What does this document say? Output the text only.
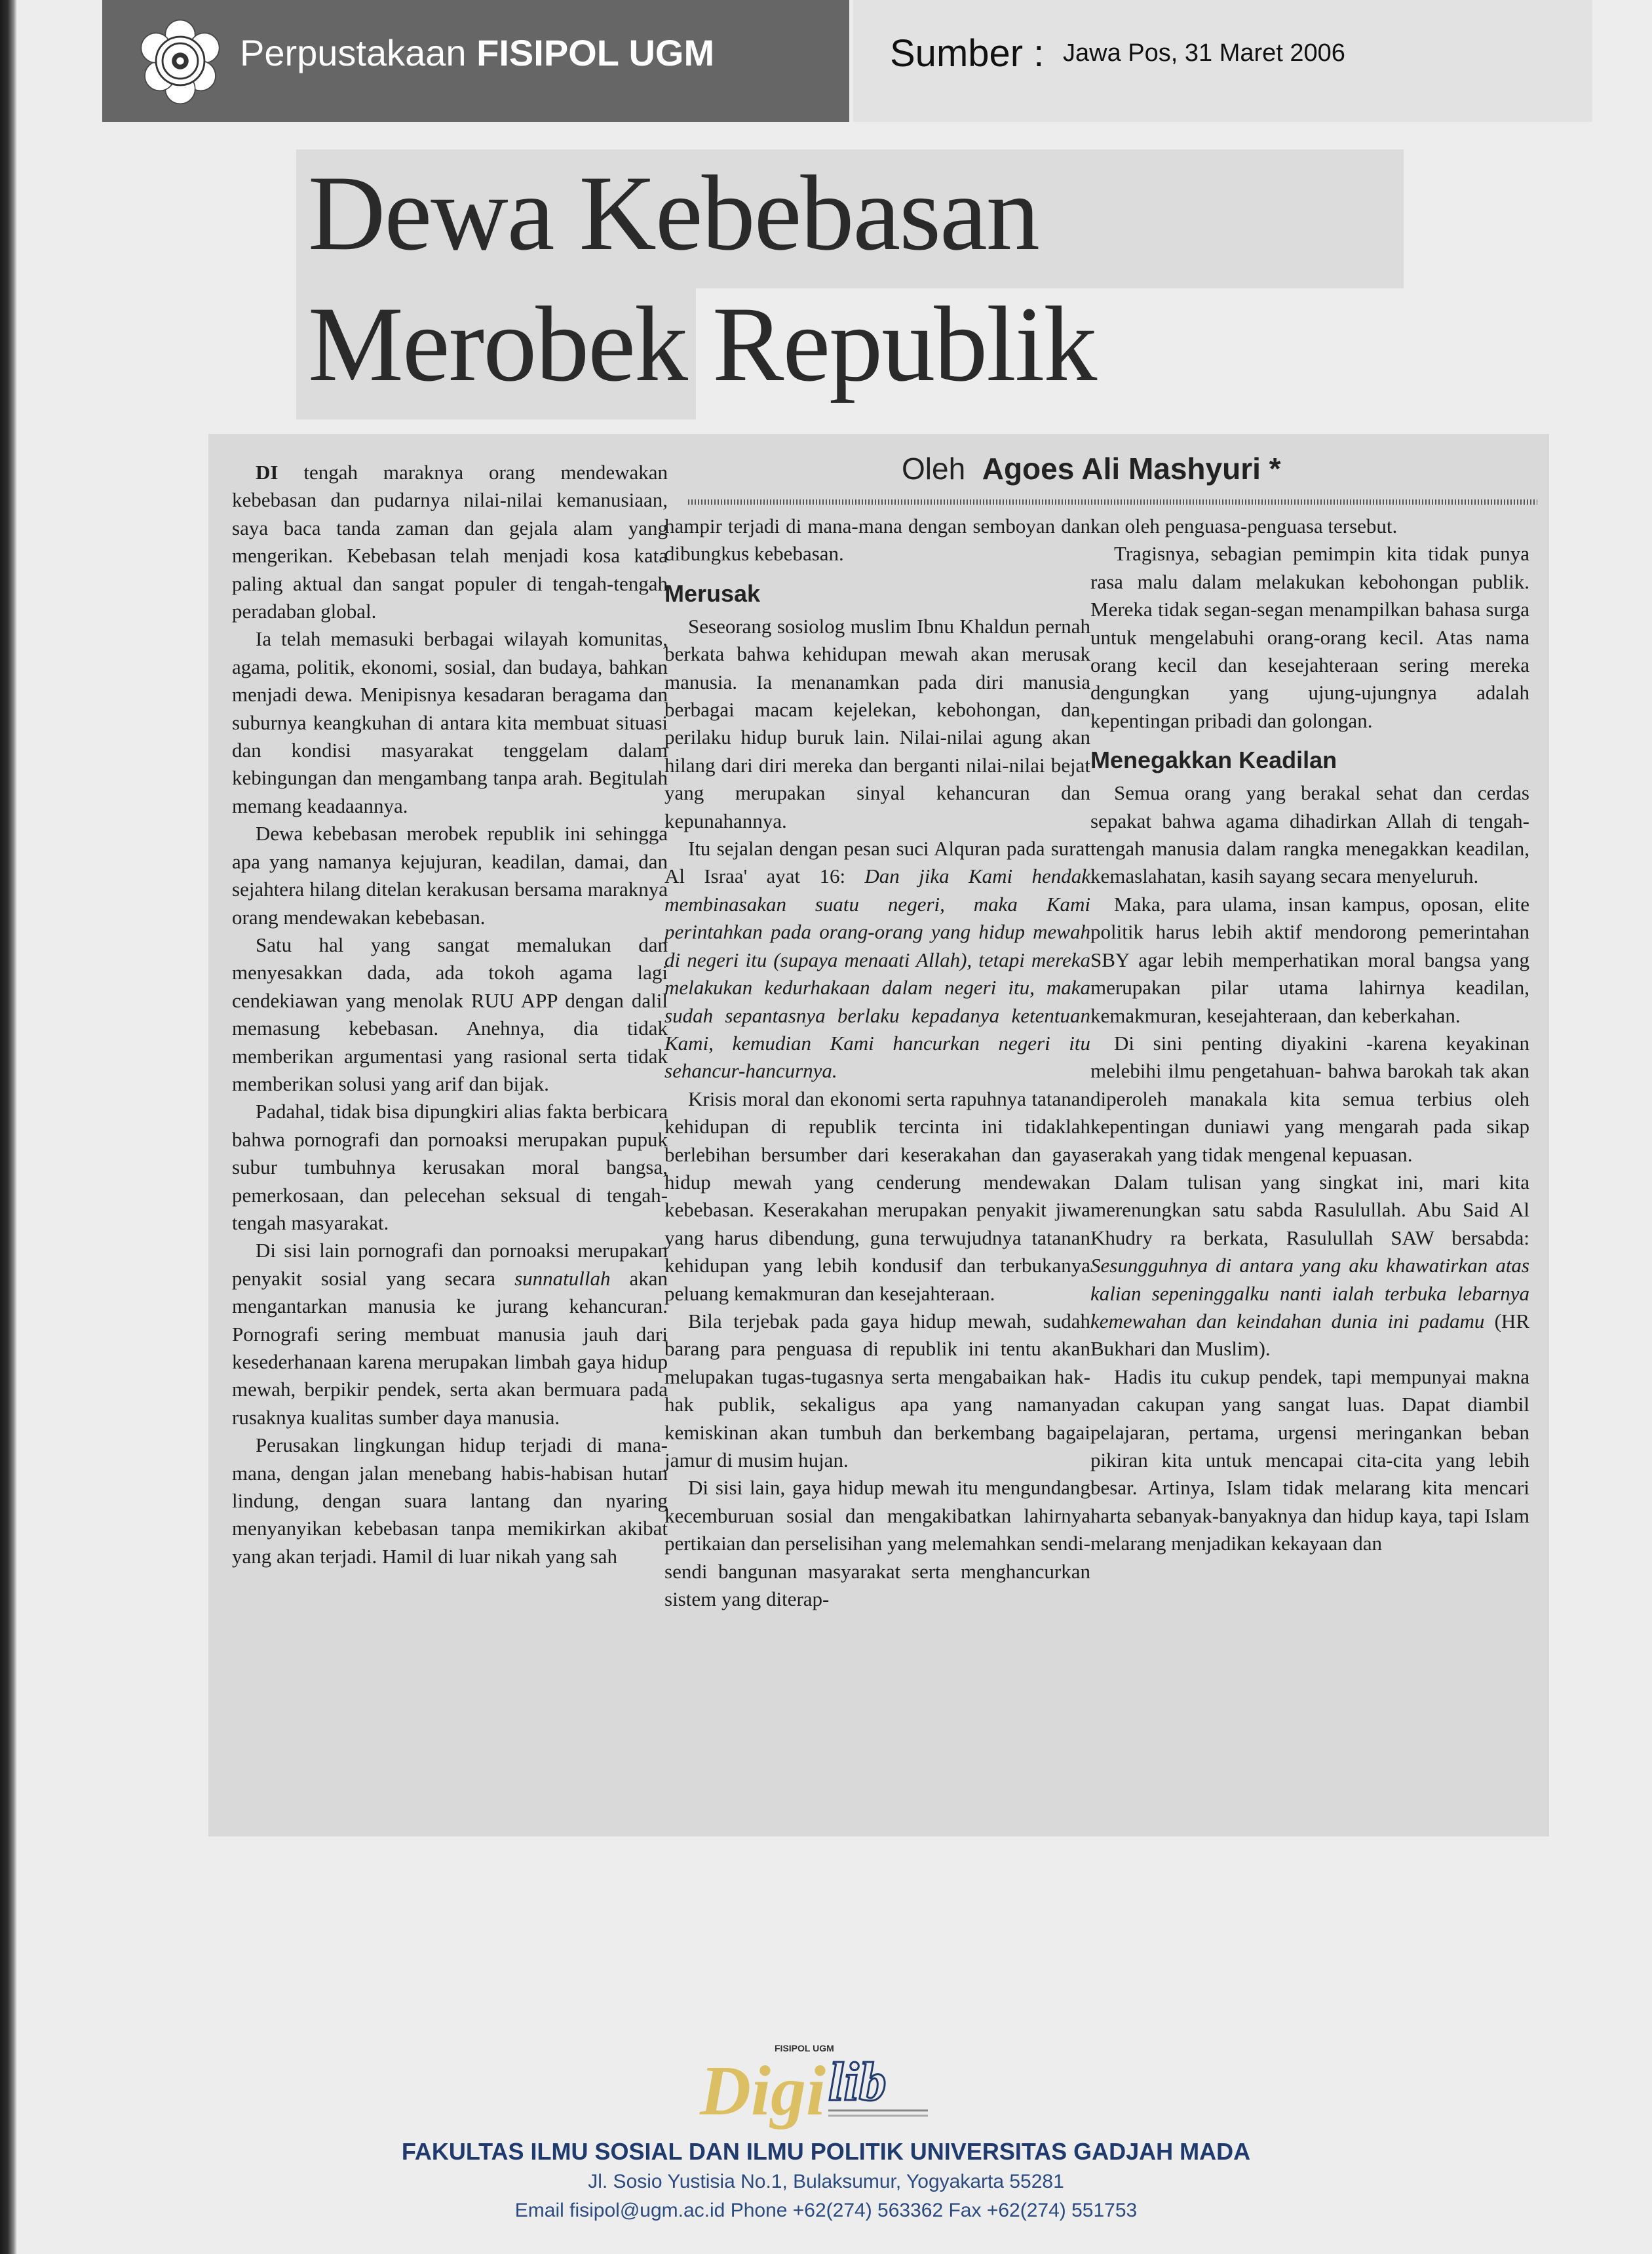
Perpustakaan FISIPOL UGM	Sumber : Jawa Pos, 31 Maret 2006
Dewa Kebebasan Merobek Republik
Oleh Agoes Ali Mashyuri *

DI tengah maraknya orang mendewakan kebebasan dan pudarnya nilai-nilai kemanusiaan, saya baca tanda zaman dan gejala alam yang mengerikan. Kebebasan telah menjadi kosa kata paling aktual dan sangat populer di tengah-tengah peradaban global.

Ia telah memasuki berbagai wilayah komunitas, agama, politik, ekonomi, sosial, dan budaya, bahkan menjadi dewa. Menipisnya kesadaran beragama dan suburnya keangkuhan di antara kita membuat situasi dan kondisi masyarakat tenggelam dalam kebingungan dan mengambang tanpa arah. Begitulah memang keadaannya.

Dewa kebebasan merobek republik ini sehingga apa yang namanya kejujuran, keadilan, damai, dan sejahtera hilang ditelan kerakusan bersama maraknya orang mendewakan kebebasan.

Satu hal yang sangat memalukan dan menyesakkan dada, ada tokoh agama lagi cendekiawan yang menolak RUU APP dengan dalil memasung kebebasan. Anehnya, dia tidak memberikan argumentasi yang rasional serta tidak memberikan solusi yang arif dan bijak.

Padahal, tidak bisa dipungkiri alias fakta berbicara bahwa pornografi dan pornoaksi merupakan pupuk subur tumbuhnya kerusakan moral bangsa, pemerkosaan, dan pelecehan seksual di tengah-tengah masyarakat.

Di sisi lain pornografi dan pornoaksi merupakan penyakit sosial yang secara sunnatullah akan mengantarkan manusia ke jurang kehancuran. Pornografi sering membuat manusia jauh dari kesederhanaan karena merupakan limbah gaya hidup mewah, berpikir pendek, serta akan bermuara pada rusaknya kualitas sumber daya manusia.

Perusakan lingkungan hidup terjadi di mana-mana, dengan jalan menebang habis-habisan hutan lindung, dengan suara lantang dan nyaring menyanyikan kebebasan tanpa memikirkan akibat yang akan terjadi. Hamil di luar nikah yang sah

hampir terjadi di mana-mana dengan semboyan dan dibungkus kebebasan.

Merusak

Seseorang sosiolog muslim Ibnu Khaldun pernah berkata bahwa kehidupan mewah akan merusak manusia. Ia menanamkan pada diri manusia berbagai macam kejelekan, kebohongan, dan perilaku hidup buruk lain. Nilai-nilai agung akan hilang dari diri mereka dan berganti nilai-nilai bejat yang merupakan sinyal kehancuran dan kepunahannya.

Itu sejalan dengan pesan suci Alquran pada surat Al Israa' ayat 16: Dan jika Kami hendak membinasakan suatu negeri, maka Kami perintahkan pada orang-orang yang hidup mewah di negeri itu (supaya menaati Allah), tetapi mereka melakukan kedurhakaan dalam negeri itu, maka sudah sepantasnya berlaku kepadanya ketentuan Kami, kemudian Kami hancurkan negeri itu sehancur-hancurnya.

Krisis moral dan ekonomi serta rapuhnya tatanan kehidupan di republik tercinta ini tidaklah berlebihan bersumber dari keserakahan dan gaya hidup mewah yang cenderung mendewakan kebebasan. Keserakahan merupakan penyakit jiwa yang harus dibendung, guna terwujudnya tatanan kehidupan yang lebih kondusif dan terbukanya peluang kemakmuran dan kesejahteraan.

Bila terjebak pada gaya hidup mewah, sudah barang para penguasa di republik ini tentu akan melupakan tugas-tugasnya serta mengabaikan hak-hak publik, sekaligus apa yang namanya kemiskinan akan tumbuh dan berkembang bagai jamur di musim hujan.

Di sisi lain, gaya hidup mewah itu mengundang kecemburuan sosial dan mengakibatkan lahirnya pertikaian dan perselisihan yang melemahkan sendi-sendi bangunan masyarakat serta menghancurkan sistem yang diterap-

kan oleh penguasa-penguasa tersebut.

Tragisnya, sebagian pemimpin kita tidak punya rasa malu dalam melakukan kebohongan publik. Mereka tidak segan-segan menampilkan bahasa surga untuk mengelabuhi orang-orang kecil. Atas nama orang kecil dan kesejahteraan sering mereka dengungkan yang ujung-ujungnya adalah kepentingan pribadi dan golongan.

Menegakkan Keadilan

Semua orang yang berakal sehat dan cerdas sepakat bahwa agama dihadirkan Allah di tengah-tengah manusia dalam rangka menegakkan keadilan, kemaslahatan, kasih sayang secara menyeluruh.

Maka, para ulama, insan kampus, oposan, elite politik harus lebih aktif mendorong pemerintahan SBY agar lebih memperhatikan moral bangsa yang merupakan pilar utama lahirnya keadilan, kemakmuran, kesejahteraan, dan keberkahan.

Di sini penting diyakini -karena keyakinan melebihi ilmu pengetahuan- bahwa barokah tak akan diperoleh manakala kita semua terbius oleh kepentingan duniawi yang mengarah pada sikap serakah yang tidak mengenal kepuasan.

Dalam tulisan yang singkat ini, mari kita merenungkan satu sabda Rasulullah. Abu Said Al Khudry ra berkata, Rasulullah SAW bersabda: Sesungguhnya di antara yang aku khawatirkan atas kalian sepeninggalku nanti ialah terbuka lebarnya kemewahan dan keindahan dunia ini padamu (HR Bukhari dan Muslim).

Hadis itu cukup pendek, tapi mempunyai makna dan cakupan yang sangat luas. Dapat diambil pelajaran, pertama, urgensi meringankan beban pikiran kita untuk mencapai cita-cita yang lebih besar. Artinya, Islam tidak melarang kita mencari harta sebanyak-banyaknya dan hidup kaya, tapi Islam melarang menjadikan kekayaan dan

FISIPOL UGM
Digi lib
FAKULTAS ILMU SOSIAL DAN ILMU POLITIK UNIVERSITAS GADJAH MADA
Jl. Sosio Yustisia No.1, Bulaksumur, Yogyakarta 55281
Email fisipol@ugm.ac.id Phone +62(274) 563362 Fax +62(274) 551753
